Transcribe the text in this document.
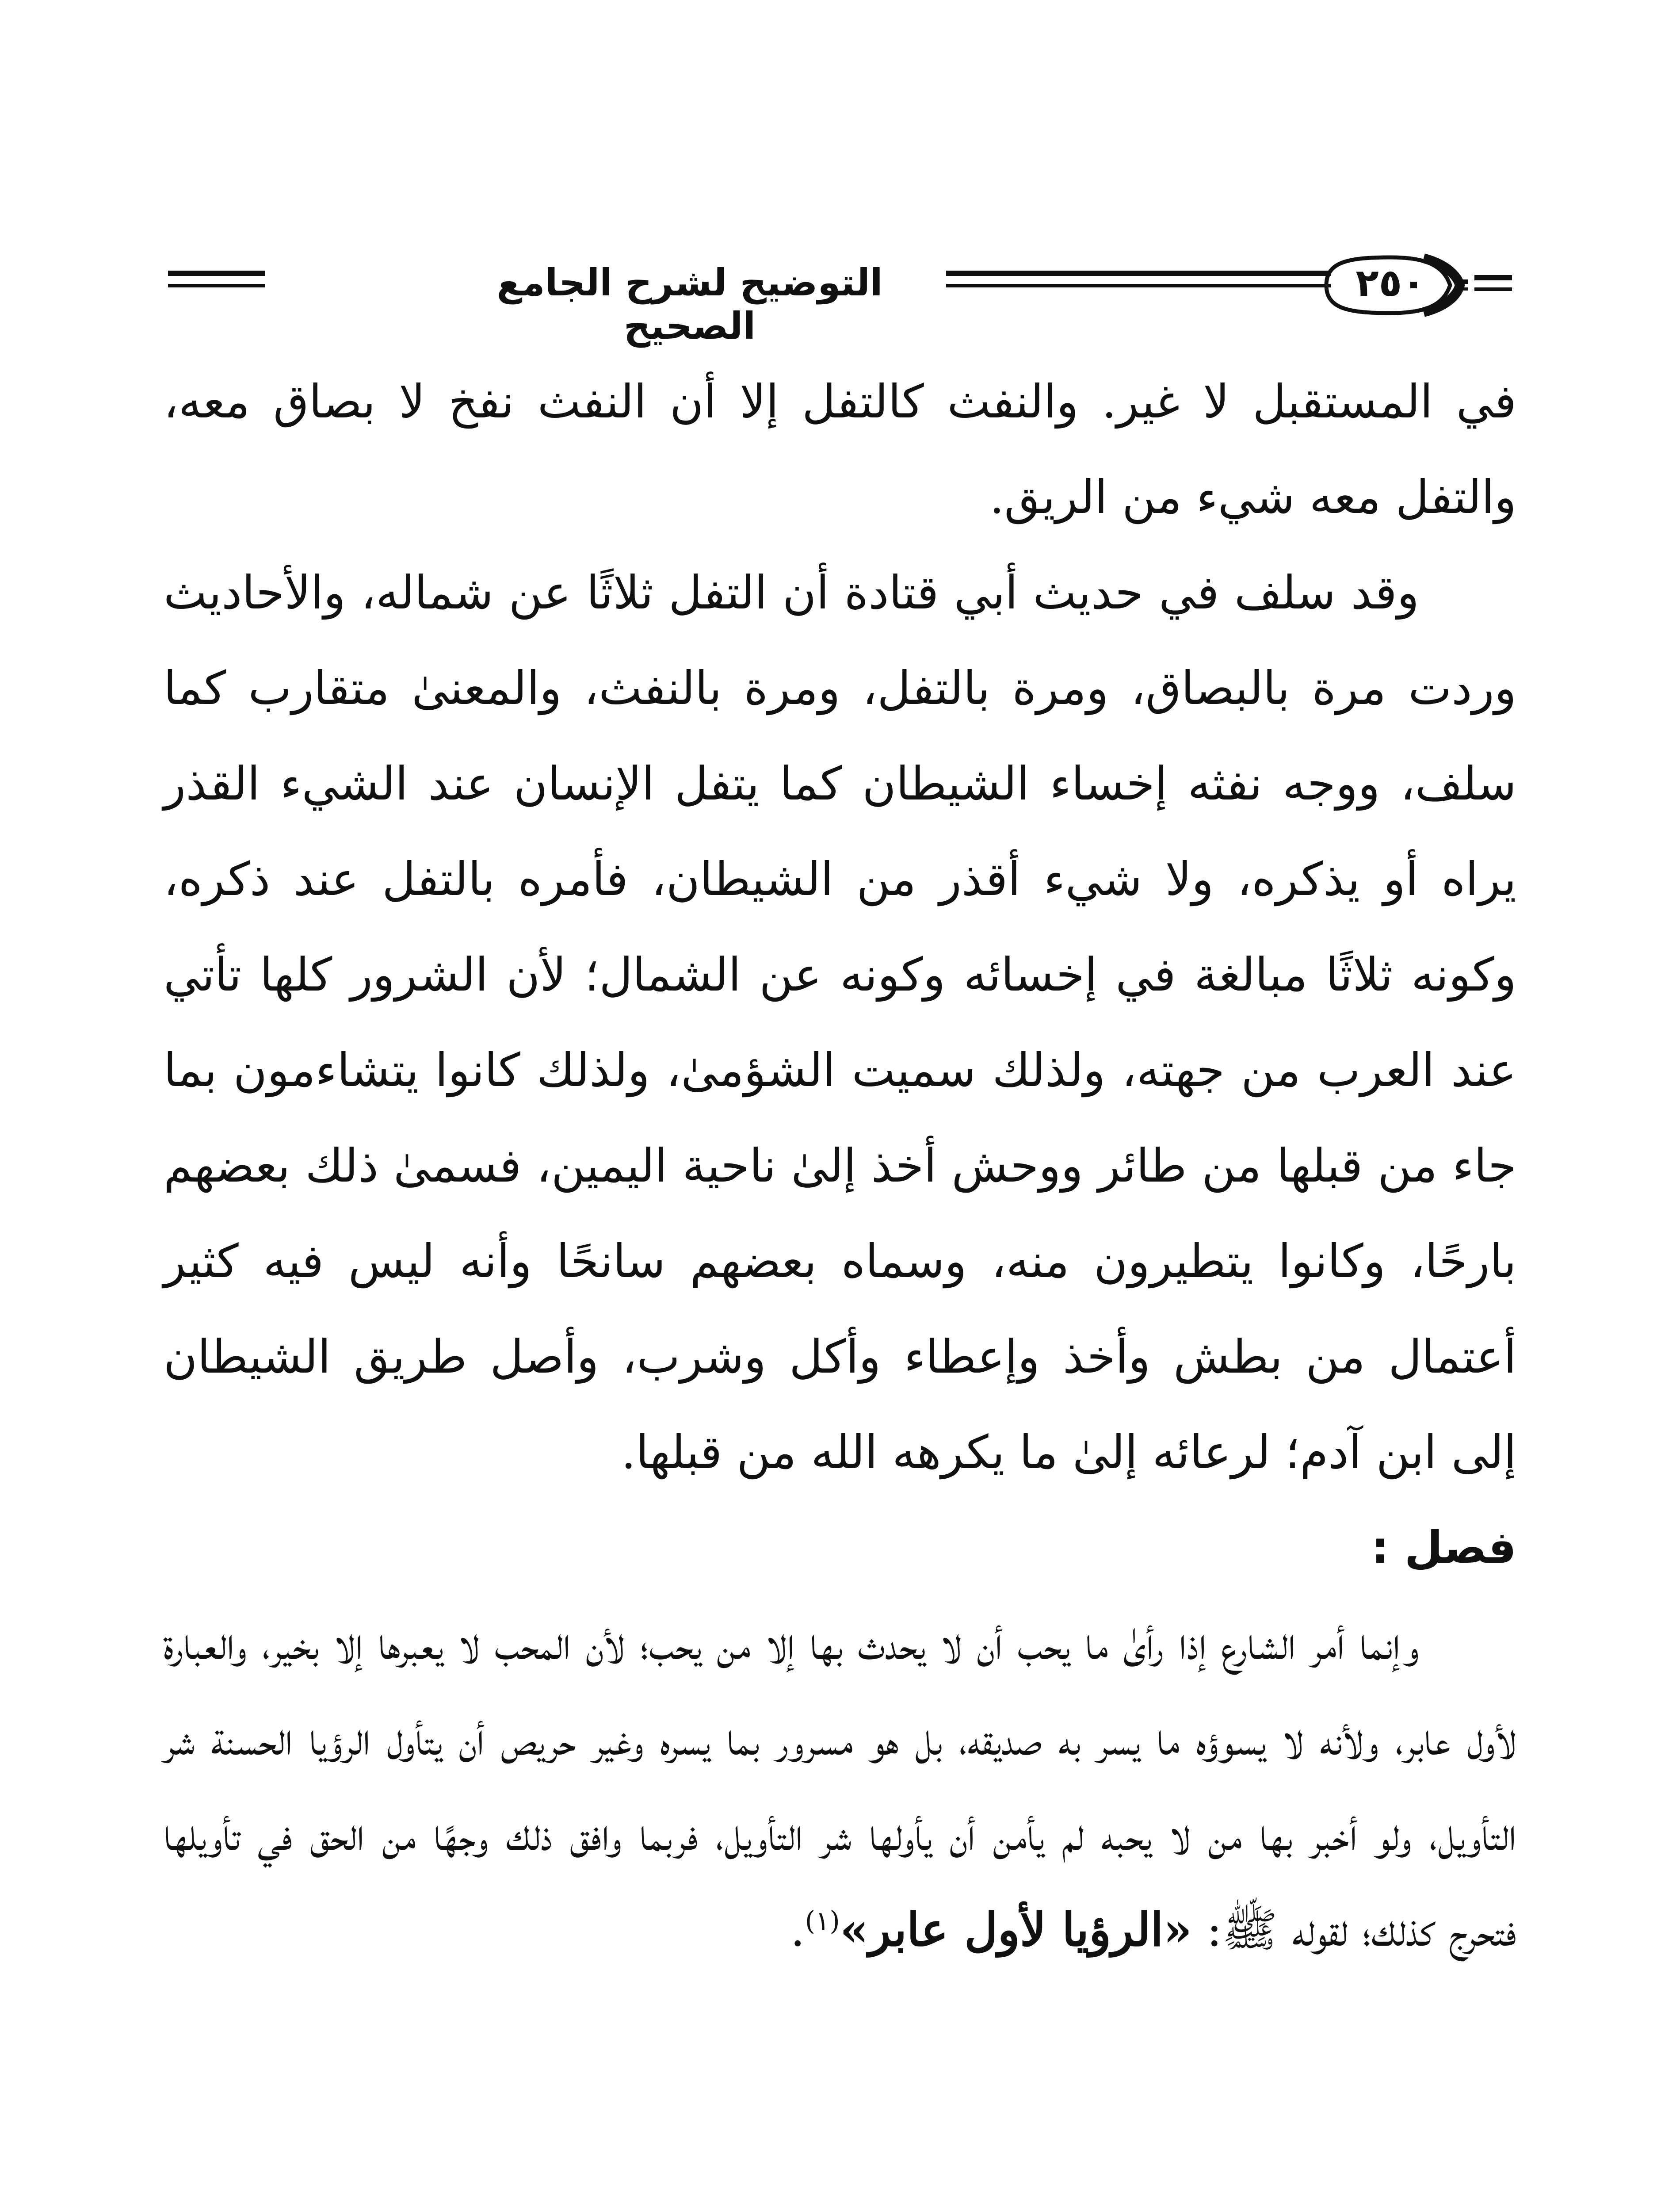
التوضيح لشرح الجامع الصحيح
٢٥٠

في المستقبل لا غير. والنفث كالتفل إلا أن النفث نفخ لا بصاق معه، والتفل معه شيء من الريق.

وقد سلف في حديث أبي قتادة أن التفل ثلاثًا عن شماله، والأحاديث وردت مرة بالبصاق، ومرة بالتفل، ومرة بالنفث، والمعنىٰ متقارب كما سلف، ووجه نفثه إخساء الشيطان كما يتفل الإنسان عند الشيء القذر يراه أو يذكره، ولا شيء أقذر من الشيطان، فأمره بالتفل عند ذكره، وكونه ثلاثًا مبالغة في إخسائه وكونه عن الشمال؛ لأن الشرور كلها تأتي عند العرب من جهته، ولذلك سميت الشؤمىٰ، ولذلك كانوا يتشاءمون بما جاء من قبلها من طائر ووحش أخذ إلىٰ ناحية اليمين، فسمىٰ ذلك بعضهم بارحًا، وكانوا يتطيرون منه، وسماه بعضهم سانحًا وأنه ليس فيه كثير أعتمال من بطش وأخذ وإعطاء وأكل وشرب، وأصل طريق الشيطان إلى ابن آدم؛ لرعائه إلىٰ ما يكرهه الله من قبلها.

فصل :

وإنما أمر الشارع إذا رأىٰ ما يحب أن لا يحدث بها إلا من يحب؛ لأن المحب لا يعبرها إلا بخير، والعبارة لأول عابر، ولأنه لا يسوؤه ما يسر به صديقه، بل هو مسرور بما يسره وغير حريص أن يتأول الرؤيا الحسنة شر التأويل، ولو أخبر بها من لا يحبه لم يأمن أن يأولها شر التأويل، فربما وافق ذلك وجهًا من الحق في تأويلها فتحرج كذلك؛ لقوله ﷺ: «الرؤيا لأول عابر»$^{(١)}$.
